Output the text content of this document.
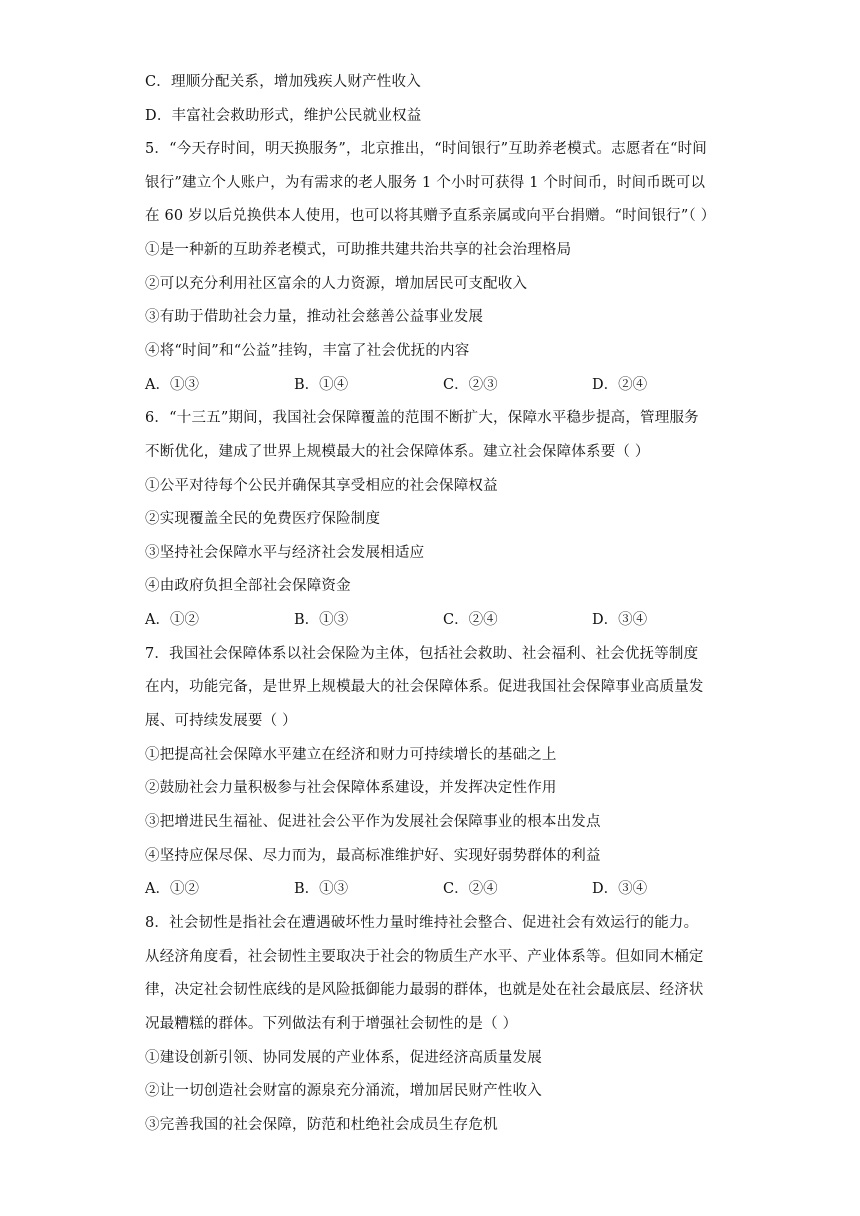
C．理顺分配关系，增加残疾人财产性收入
D．丰富社会救助形式，维护公民就业权益
5．“今天存时间，明天换服务”，北京推出，“时间银行”互助养老模式。志愿者在“时间
银行”建立个人账户，为有需求的老人服务 1 个小时可获得 1 个时间币，时间币既可以
在 60 岁以后兑换供本人使用，也可以将其赠予直系亲属或向平台捐赠。“时间银行”（ ）
①是一种新的互助养老模式，可助推共建共治共享的社会治理格局
②可以充分利用社区富余的人力资源，增加居民可支配收入
③有助于借助社会力量，推动社会慈善公益事业发展
④将“时间”和“公益”挂钩，丰富了社会优抚的内容
A．①③	B．①④	C．②③	D．②④
6．“十三五”期间，我国社会保障覆盖的范围不断扩大，保障水平稳步提高，管理服务
不断优化，建成了世界上规模最大的社会保障体系。建立社会保障体系要（ ）
①公平对待每个公民并确保其享受相应的社会保障权益
②实现覆盖全民的免费医疗保险制度
③坚持社会保障水平与经济社会发展相适应
④由政府负担全部社会保障资金
A．①②	B．①③	C．②④	D．③④
7．我国社会保障体系以社会保险为主体，包括社会救助、社会福利、社会优抚等制度
在内，功能完备，是世界上规模最大的社会保障体系。促进我国社会保障事业高质量发
展、可持续发展要（ ）
①把提高社会保障水平建立在经济和财力可持续增长的基础之上
②鼓励社会力量积极参与社会保障体系建设，并发挥决定性作用
③把增进民生福祉、促进社会公平作为发展社会保障事业的根本出发点
④坚持应保尽保、尽力而为，最高标准维护好、实现好弱势群体的利益
A．①②	B．①③	C．②④	D．③④
8．社会韧性是指社会在遭遇破坏性力量时维持社会整合、促进社会有效运行的能力。
从经济角度看，社会韧性主要取决于社会的物质生产水平、产业体系等。但如同木桶定
律，决定社会韧性底线的是风险抵御能力最弱的群体，也就是处在社会最底层、经济状
况最糟糕的群体。下列做法有利于增强社会韧性的是（ ）
①建设创新引领、协同发展的产业体系，促进经济高质量发展
②让一切创造社会财富的源泉充分涌流，增加居民财产性收入
③完善我国的社会保障，防范和杜绝社会成员生存危机
